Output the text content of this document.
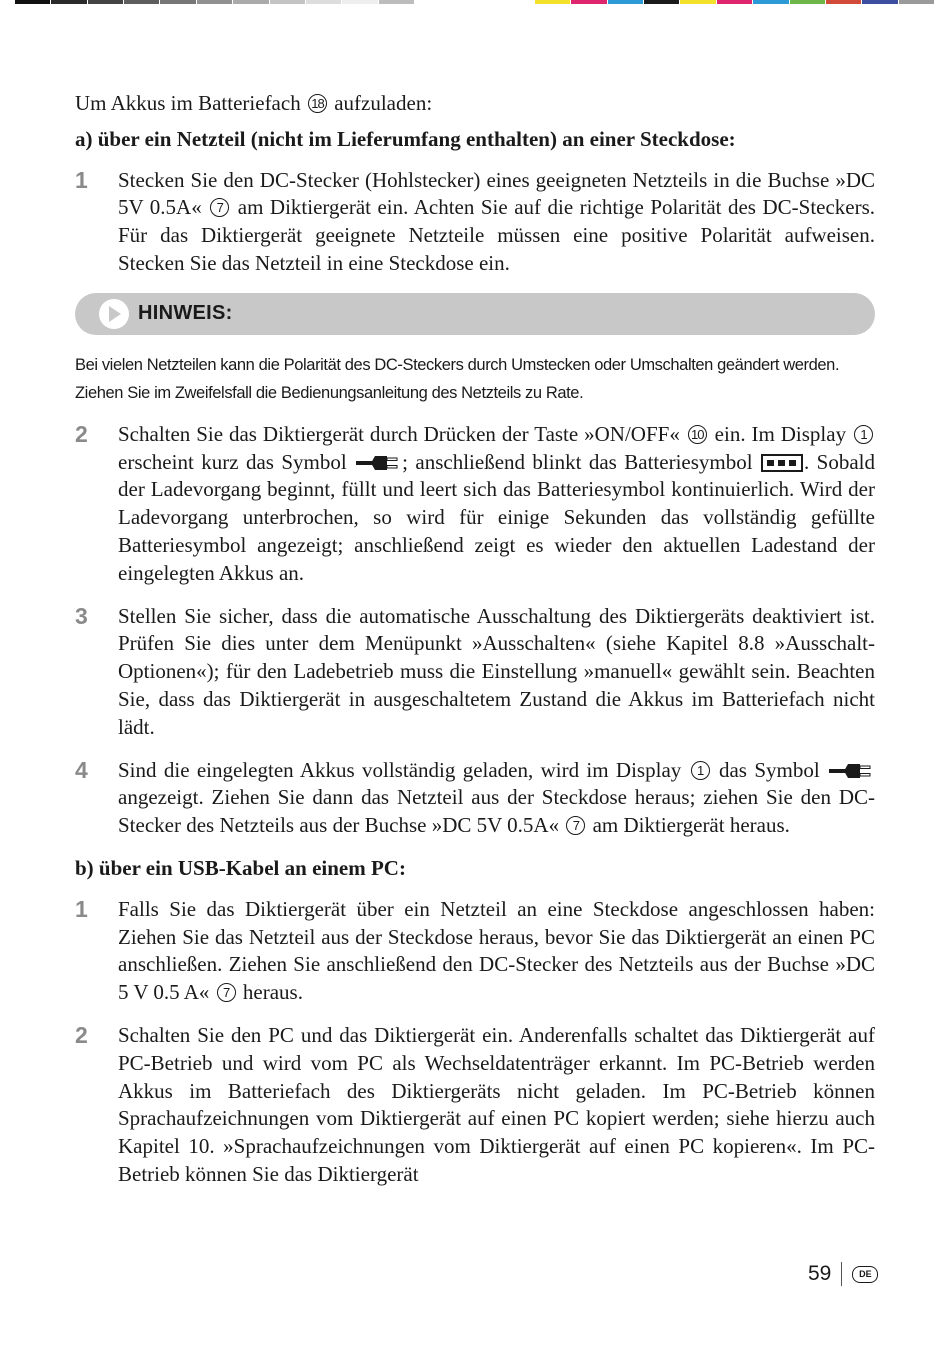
Um Akkus im Batteriefach 18 aufzuladen:

a) über ein Netzteil (nicht im Lieferumfang enthalten) an einer Steckdose:

1	Stecken Sie den DC-Stecker (Hohlstecker) eines geeigneten Netzteils in die Buchse »DC 5V 0.5A« 7 am Diktiergerät ein. Achten Sie auf die richtige Polarität des DC-Steckers. Für das Diktiergerät geeignete Netzteile müssen eine positive Polarität aufweisen. Stecken Sie das Netzteil in eine Steckdose ein.

HINWEIS:

Bei vielen Netzteilen kann die Polarität des DC-Steckers durch Umstecken oder Umschalten geändert werden. Ziehen Sie im Zweifelsfall die Bedienungsanleitung des Netzteils zu Rate.

2	Schalten Sie das Diktiergerät durch Drücken der Taste »ON/OFF« 10 ein. Im Display 1 erscheint kurz das Symbol	; anschließend blinkt das Batteriesymbol . Sobald der Ladevorgang beginnt, füllt und leert sich das Batteriesymbol kontinuierlich. Wird der Ladevorgang unterbrochen, so wird für einige Sekunden das vollständig gefüllte Batteriesymbol angezeigt; anschließend zeigt es wieder den aktuellen Ladestand der eingelegten Akkus an.

3	Stellen Sie sicher, dass die automatische Ausschaltung des Diktiergeräts deaktiviert ist. Prüfen Sie dies unter dem Menüpunkt »Ausschalten« (siehe Kapitel 8.8 »Ausschalt-Optionen«); für den Ladebetrieb muss die Einstellung »manuell« gewählt sein. Beachten Sie, dass das Diktiergerät in ausgeschaltetem Zustand die Akkus im Batteriefach nicht lädt.

4	Sind die eingelegten Akkus vollständig geladen, wird im Display 1 das Symbol  angezeigt. Ziehen Sie dann das Netzteil aus der Steckdose heraus; ziehen Sie den DC-Stecker des Netzteils aus der Buchse »DC 5V 0.5A« 7 am Diktiergerät heraus.

b) über ein USB-Kabel an einem PC:

1	Falls Sie das Diktiergerät über ein Netzteil an eine Steckdose angeschlossen haben: Ziehen Sie das Netzteil aus der Steckdose heraus, bevor Sie das Diktiergerät an einen PC anschließen. Ziehen Sie anschließend den DC-Stecker des Netzteils aus der Buchse »DC 5 V 0.5 A« 7 heraus.

2	Schalten Sie den PC und das Diktiergerät ein. Anderenfalls schaltet das Diktiergerät auf PC-Betrieb und wird vom PC als Wechseldatenträger erkannt. Im PC-Betrieb werden Akkus im Batteriefach des Diktiergeräts nicht geladen. Im PC-Betrieb können Sprachaufzeichnungen vom Diktiergerät auf einen PC kopiert werden; siehe hierzu auch Kapitel 10. »Sprachaufzeichnungen vom Diktiergerät auf einen PC kopieren«. Im PC-Betrieb können Sie das Diktiergerät

59	DE
